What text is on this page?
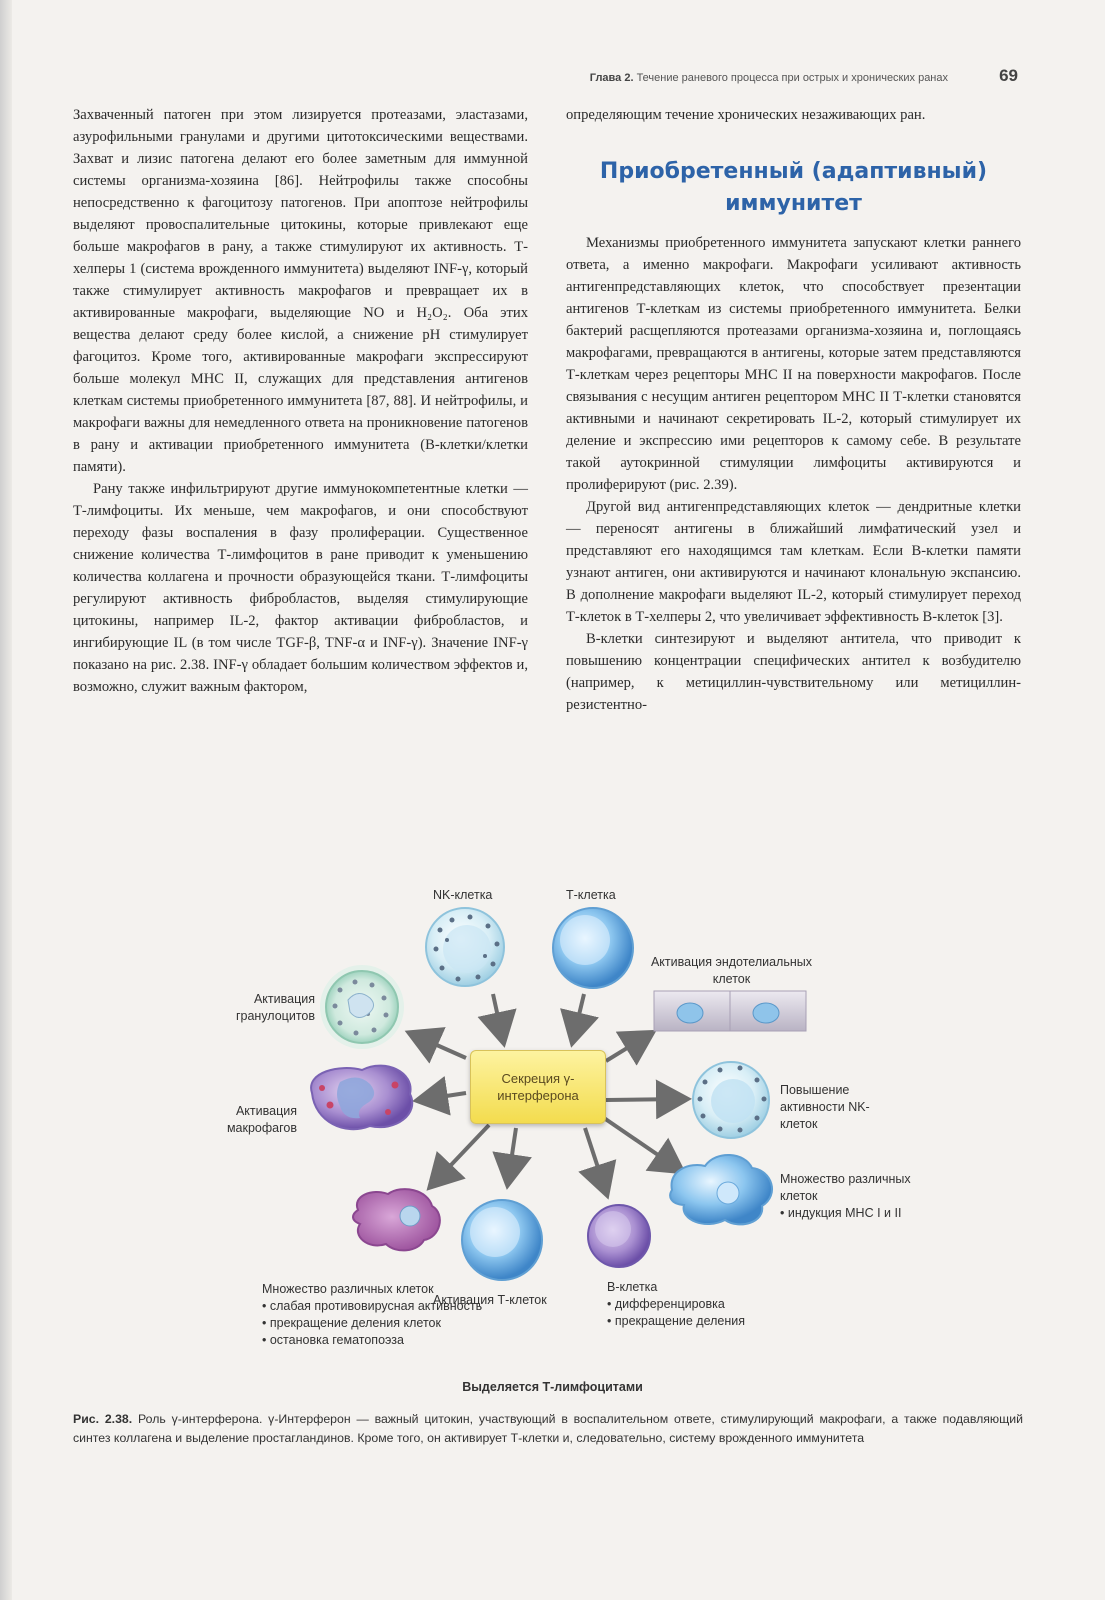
Глава 2. Течение раневого процесса при острых и хронических ранах	69

Захваченный патоген при этом лизируется протеазами, эластазами, азурофильными гранулами и другими цитотоксическими веществами. Захват и лизис патогена делают его более заметным для иммунной системы организма-хозяина [86]. Нейтрофилы также способны непосредственно к фагоцитозу патогенов. При апоптозе нейтрофилы выделяют провоспалительные цитокины, которые привлекают еще больше макрофагов в рану, а также стимулируют их активность. Т-хелперы 1 (система врожденного иммунитета) выделяют INF-γ, который также стимулирует активность макрофагов и превращает их в активированные макрофаги, выделяющие NO и H₂O₂. Оба этих вещества делают среду более кислой, а снижение pH стимулирует фагоцитоз. Кроме того, активированные макрофаги экспрессируют больше молекул MHC II, служащих для представления антигенов клеткам системы приобретенного иммунитета [87, 88]. И нейтрофилы, и макрофаги важны для немедленного ответа на проникновение патогенов в рану и активации приобретенного иммунитета (B-клетки/клетки памяти).

Рану также инфильтрируют другие иммунокомпетентные клетки — Т-лимфоциты. Их меньше, чем макрофагов, и они способствуют переходу фазы воспаления в фазу пролиферации. Существенное снижение количества Т-лимфоцитов в ране приводит к уменьшению количества коллагена и прочности образующейся ткани. Т-лимфоциты регулируют активность фибробластов, выделяя стимулирующие цитокины, например IL-2, фактор активации фибробластов, и ингибирующие IL (в том числе TGF-β, TNF-α и INF-γ). Значение INF-γ показано на рис. 2.38. INF-γ обладает большим количеством эффектов и, возможно, служит важным фактором,

определяющим течение хронических незаживающих ран.

Приобретенный (адаптивный) иммунитет

Механизмы приобретенного иммунитета запускают клетки раннего ответа, а именно макрофаги. Макрофаги усиливают активность антигенпредставляющих клеток, что способствует презентации антигенов Т-клеткам из системы приобретенного иммунитета. Белки бактерий расщепляются протеазами организма-хозяина и, поглощаясь макрофагами, превращаются в антигены, которые затем представляются Т-клеткам через рецепторы MHC II на поверхности макрофагов. После связывания с несущим антиген рецептором MHC II Т-клетки становятся активными и начинают секретировать IL-2, который стимулирует их деление и экспрессию ими рецепторов к самому себе. В результате такой аутокринной стимуляции лимфоциты активируются и пролиферируют (рис. 2.39).

Другой вид антигенпредставляющих клеток — дендритные клетки — переносят антигены в ближайший лимфатический узел и представляют его находящимся там клеткам. Если B-клетки памяти узнают антиген, они активируются и начинают клональную экспансию. В дополнение макрофаги выделяют IL-2, который стимулирует переход Т-клеток в Т-хелперы 2, что увеличивает эффективность B-клеток [3].

B-клетки синтезируют и выделяют антитела, что приводит к повышению концентрации специфических антител к возбудителю (например, к метициллин-чувствительному или метициллин-резистентно-

Секреция γ-интерферона
NK-клетка	Т-клетка
Активация гранулоцитов
Активация макрофагов
Активация эндотелиальных клеток
Повышение активности NK-клеток
Множество различных клеток
• индукция MHC I и II
Множество различных клеток
• слабая противовирусная активность
• прекращение деления клеток
• остановка гематопоэза
Активация Т-клеток
B-клетка
• дифференцировка
• прекращение деления
Выделяется Т-лимфоцитами
Рис. 2.38. Роль γ-интерферона. γ-Интерферон — важный цитокин, участвующий в воспалительном ответе, стимулирующий макрофаги, а также подавляющий синтез коллагена и выделение простагландинов. Кроме того, он активирует Т-клетки и, следовательно, систему врожденного иммунитета
